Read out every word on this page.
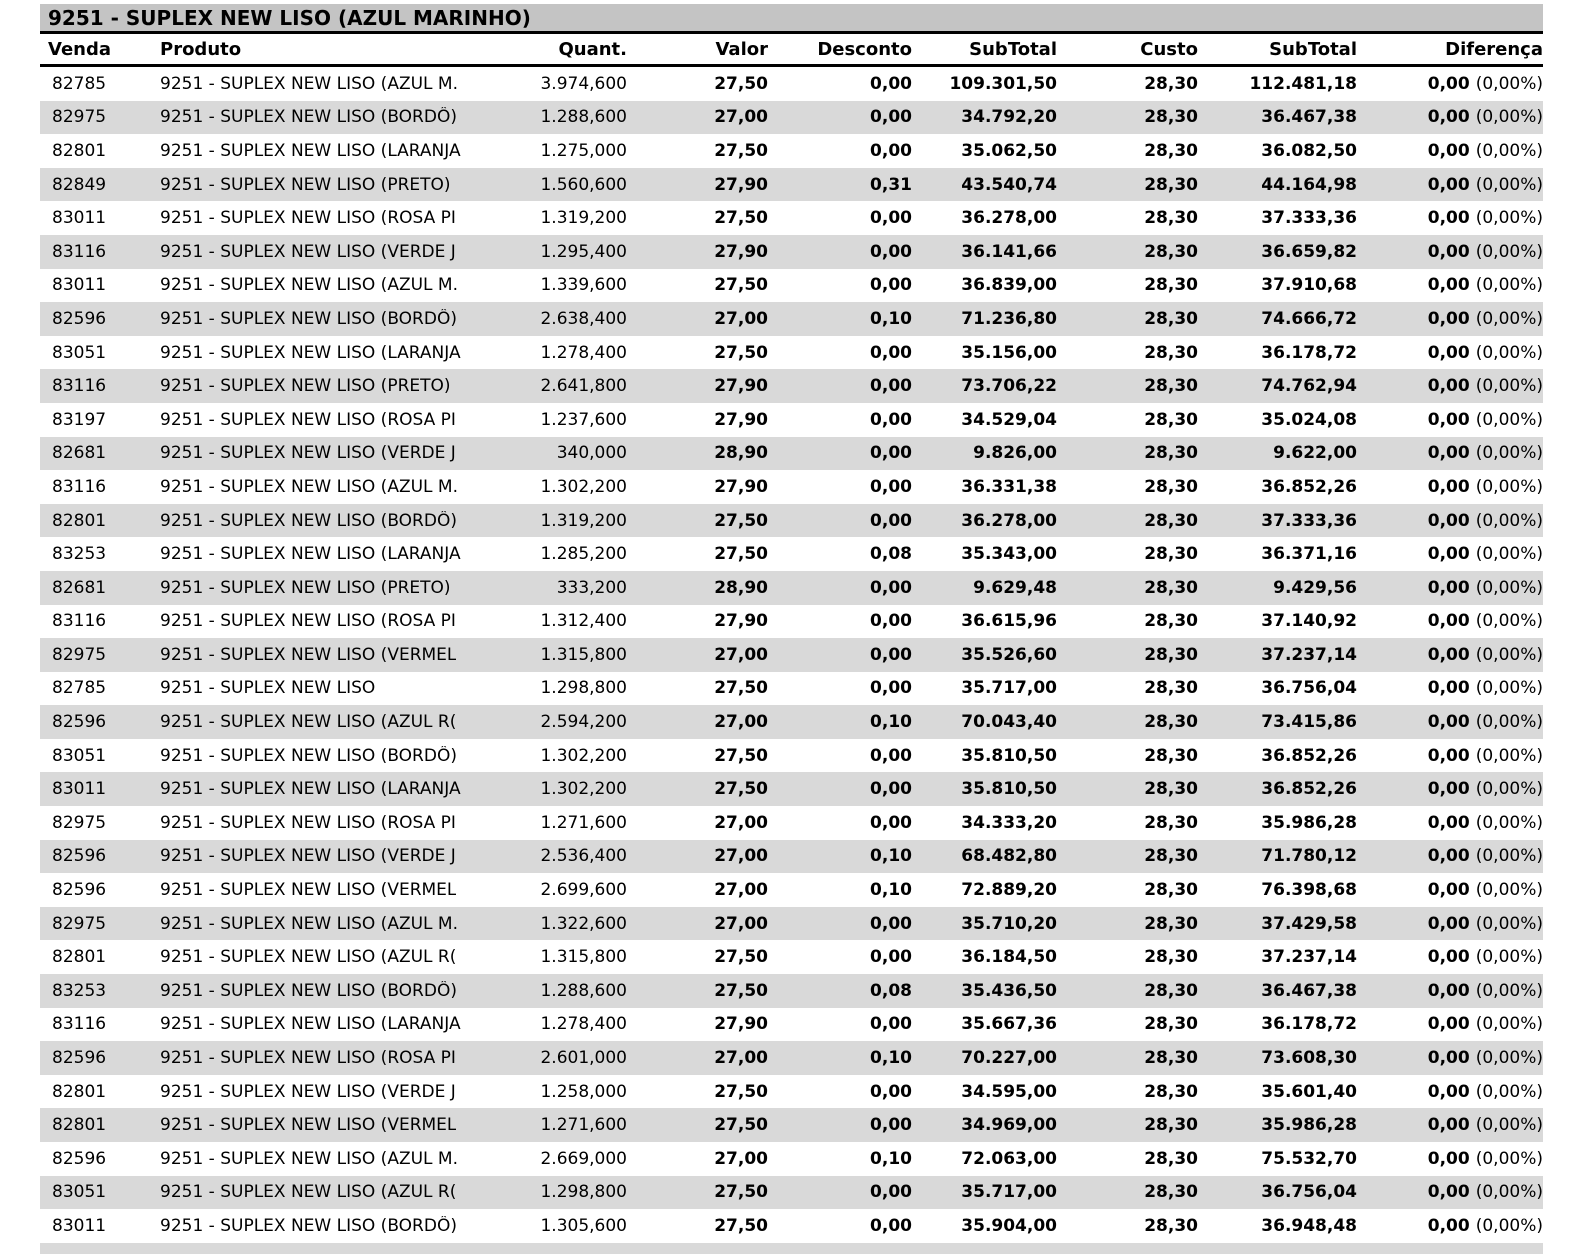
9251 - SUPLEX NEW LISO (AZUL MARINHO)
Venda	Produto	Quant.	Valor	Desconto	SubTotal	Custo	SubTotal	Diferença
82785	9251 - SUPLEX NEW LISO (AZUL M.	3.974,600	27,50	0,00	109.301,50	28,30	112.481,18	0,00 (0,00%)
82975	9251 - SUPLEX NEW LISO (BORDÔ)	1.288,600	27,00	0,00	34.792,20	28,30	36.467,38	0,00 (0,00%)
82801	9251 - SUPLEX NEW LISO (LARANJA	1.275,000	27,50	0,00	35.062,50	28,30	36.082,50	0,00 (0,00%)
82849	9251 - SUPLEX NEW LISO (PRETO)	1.560,600	27,90	0,31	43.540,74	28,30	44.164,98	0,00 (0,00%)
83011	9251 - SUPLEX NEW LISO (ROSA PI	1.319,200	27,50	0,00	36.278,00	28,30	37.333,36	0,00 (0,00%)
83116	9251 - SUPLEX NEW LISO (VERDE J	1.295,400	27,90	0,00	36.141,66	28,30	36.659,82	0,00 (0,00%)
83011	9251 - SUPLEX NEW LISO (AZUL M.	1.339,600	27,50	0,00	36.839,00	28,30	37.910,68	0,00 (0,00%)
82596	9251 - SUPLEX NEW LISO (BORDÔ)	2.638,400	27,00	0,10	71.236,80	28,30	74.666,72	0,00 (0,00%)
83051	9251 - SUPLEX NEW LISO (LARANJA	1.278,400	27,50	0,00	35.156,00	28,30	36.178,72	0,00 (0,00%)
83116	9251 - SUPLEX NEW LISO (PRETO)	2.641,800	27,90	0,00	73.706,22	28,30	74.762,94	0,00 (0,00%)
83197	9251 - SUPLEX NEW LISO (ROSA PI	1.237,600	27,90	0,00	34.529,04	28,30	35.024,08	0,00 (0,00%)
82681	9251 - SUPLEX NEW LISO (VERDE J	340,000	28,90	0,00	9.826,00	28,30	9.622,00	0,00 (0,00%)
83116	9251 - SUPLEX NEW LISO (AZUL M.	1.302,200	27,90	0,00	36.331,38	28,30	36.852,26	0,00 (0,00%)
82801	9251 - SUPLEX NEW LISO (BORDÔ)	1.319,200	27,50	0,00	36.278,00	28,30	37.333,36	0,00 (0,00%)
83253	9251 - SUPLEX NEW LISO (LARANJA	1.285,200	27,50	0,08	35.343,00	28,30	36.371,16	0,00 (0,00%)
82681	9251 - SUPLEX NEW LISO (PRETO)	333,200	28,90	0,00	9.629,48	28,30	9.429,56	0,00 (0,00%)
83116	9251 - SUPLEX NEW LISO (ROSA PI	1.312,400	27,90	0,00	36.615,96	28,30	37.140,92	0,00 (0,00%)
82975	9251 - SUPLEX NEW LISO (VERMEL	1.315,800	27,00	0,00	35.526,60	28,30	37.237,14	0,00 (0,00%)
82785	9251 - SUPLEX NEW LISO	1.298,800	27,50	0,00	35.717,00	28,30	36.756,04	0,00 (0,00%)
82596	9251 - SUPLEX NEW LISO (AZUL R(	2.594,200	27,00	0,10	70.043,40	28,30	73.415,86	0,00 (0,00%)
83051	9251 - SUPLEX NEW LISO (BORDÔ)	1.302,200	27,50	0,00	35.810,50	28,30	36.852,26	0,00 (0,00%)
83011	9251 - SUPLEX NEW LISO (LARANJA	1.302,200	27,50	0,00	35.810,50	28,30	36.852,26	0,00 (0,00%)
82975	9251 - SUPLEX NEW LISO (ROSA PI	1.271,600	27,00	0,00	34.333,20	28,30	35.986,28	0,00 (0,00%)
82596	9251 - SUPLEX NEW LISO (VERDE J	2.536,400	27,00	0,10	68.482,80	28,30	71.780,12	0,00 (0,00%)
82596	9251 - SUPLEX NEW LISO (VERMEL	2.699,600	27,00	0,10	72.889,20	28,30	76.398,68	0,00 (0,00%)
82975	9251 - SUPLEX NEW LISO (AZUL M.	1.322,600	27,00	0,00	35.710,20	28,30	37.429,58	0,00 (0,00%)
82801	9251 - SUPLEX NEW LISO (AZUL R(	1.315,800	27,50	0,00	36.184,50	28,30	37.237,14	0,00 (0,00%)
83253	9251 - SUPLEX NEW LISO (BORDÔ)	1.288,600	27,50	0,08	35.436,50	28,30	36.467,38	0,00 (0,00%)
83116	9251 - SUPLEX NEW LISO (LARANJA	1.278,400	27,90	0,00	35.667,36	28,30	36.178,72	0,00 (0,00%)
82596	9251 - SUPLEX NEW LISO (ROSA PI	2.601,000	27,00	0,10	70.227,00	28,30	73.608,30	0,00 (0,00%)
82801	9251 - SUPLEX NEW LISO (VERDE J	1.258,000	27,50	0,00	34.595,00	28,30	35.601,40	0,00 (0,00%)
82801	9251 - SUPLEX NEW LISO (VERMEL	1.271,600	27,50	0,00	34.969,00	28,30	35.986,28	0,00 (0,00%)
82596	9251 - SUPLEX NEW LISO (AZUL M.	2.669,000	27,00	0,10	72.063,00	28,30	75.532,70	0,00 (0,00%)
83051	9251 - SUPLEX NEW LISO (AZUL R(	1.298,800	27,50	0,00	35.717,00	28,30	36.756,04	0,00 (0,00%)
83011	9251 - SUPLEX NEW LISO (BORDÔ)	1.305,600	27,50	0,00	35.904,00	28,30	36.948,48	0,00 (0,00%)
